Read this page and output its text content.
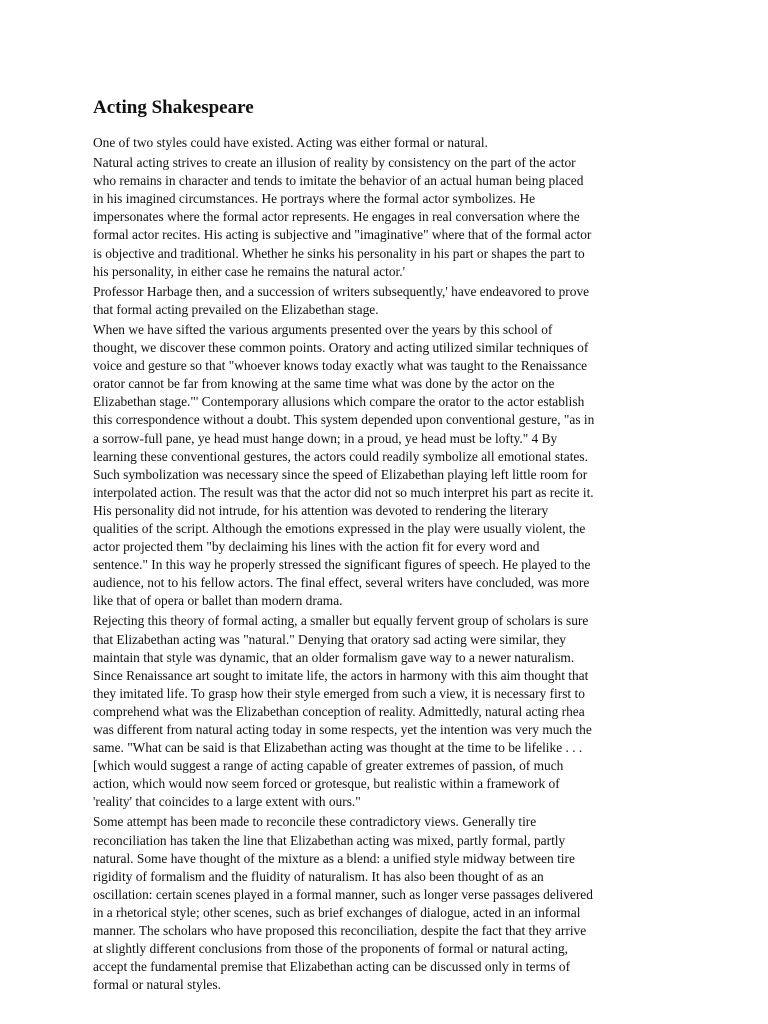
Acting Shakespeare

One of two styles could have existed. Acting was either formal or natural.

Natural acting strives to create an illusion of reality by consistency on the part of the actor
who remains in character and tends to imitate the behavior of an actual human being placed
in his imagined circumstances. He portrays where the formal actor symbolizes. He
impersonates where the formal actor represents. He engages in real conversation where the
formal actor recites. His acting is subjective and "imaginative" where that of the formal actor
is objective and traditional. Whether he sinks his personality in his part or shapes the part to
his personality, in either case he remains the natural actor.'

Professor Harbage then, and a succession of writers subsequently,' have endeavored to prove
that formal acting prevailed on the Elizabethan stage.

When we have sifted the various arguments presented over the years by this school of
thought, we discover these common points. Oratory and acting utilized similar techniques of
voice and gesture so that "whoever knows today exactly what was taught to the Renaissance
orator cannot be far from knowing at the same time what was done by the actor on the
Elizabethan stage."' Contemporary allusions which compare the orator to the actor establish
this correspondence without a doubt. This system depended upon conventional gesture, "as in
a sorrow-full pane, ye head must hange down; in a proud, ye head must be lofty." 4 By
learning these conventional gestures, the actors could readily symbolize all emotional states.
Such symbolization was necessary since the speed of Elizabethan playing left little room for
interpolated action. The result was that the actor did not so much interpret his part as recite it.
His personality did not intrude, for his attention was devoted to rendering the literary
qualities of the script. Although the emotions expressed in the play were usually violent, the
actor projected them "by declaiming his lines with the action fit for every word and
sentence." In this way he properly stressed the significant figures of speech. He played to the
audience, not to his fellow actors. The final effect, several writers have concluded, was more
like that of opera or ballet than modern drama.

Rejecting this theory of formal acting, a smaller but equally fervent group of scholars is sure
that Elizabethan acting was "natural." Denying that oratory sad acting were similar, they
maintain that style was dynamic, that an older formalism gave way to a newer naturalism.
Since Renaissance art sought to imitate life, the actors in harmony with this aim thought that
they imitated life. To grasp how their style emerged from such a view, it is necessary first to
comprehend what was the Elizabethan conception of reality. Admittedly, natural acting rhea
was different from natural acting today in some respects, yet the intention was very much the
same. "What can be said is that Elizabethan acting was thought at the time to be lifelike . . .
[which would suggest a range of acting capable of greater extremes of passion, of much
action, which would now seem forced or grotesque, but realistic within a framework of
'reality' that coincides to a large extent with ours."

Some attempt has been made to reconcile these contradictory views. Generally tire
reconciliation has taken the line that Elizabethan acting was mixed, partly formal, partly
natural. Some have thought of the mixture as a blend: a unified style midway between tire
rigidity of formalism and the fluidity of naturalism. It has also been thought of as an
oscillation: certain scenes played in a formal manner, such as longer verse passages delivered
in a rhetorical style; other scenes, such as brief exchanges of dialogue, acted in an informal
manner. The scholars who have proposed this reconciliation, despite the fact that they arrive
at slightly different conclusions from those of the proponents of formal or natural acting,
accept the fundamental premise that Elizabethan acting can be discussed only in terms of
formal or natural styles.
